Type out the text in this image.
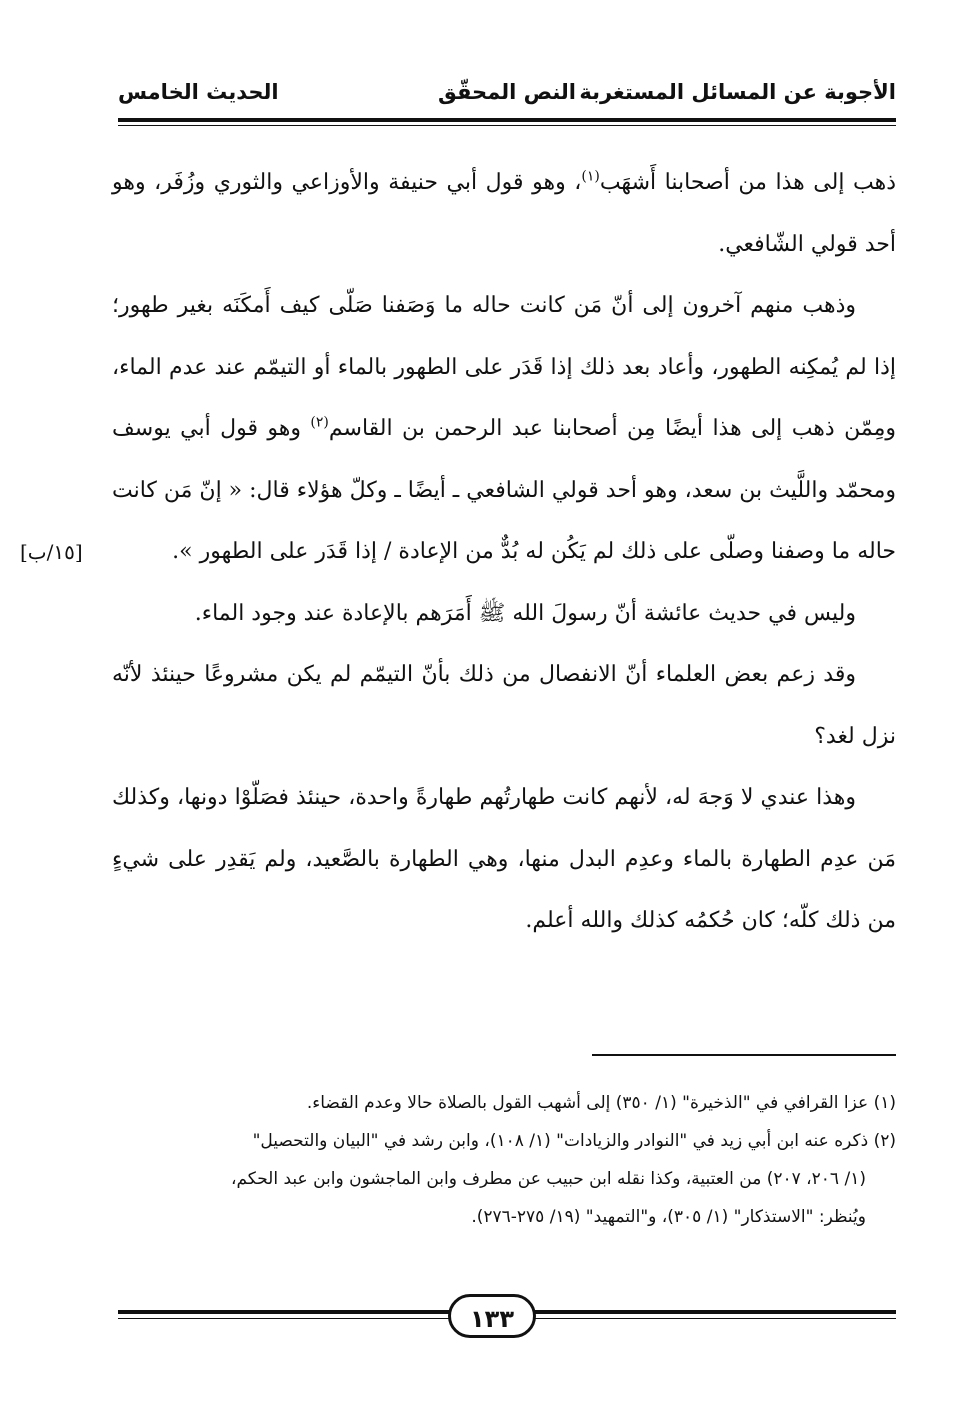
الأجوبة عن المسائل المستغربة
النص المحقّق
الحديث الخامس

ذهب إلى هذا من أصحابنا أَشهَب$^{(١)}$، وهو قول أبي حنيفة والأوزاعي والثوري وزُفَر، وهو أحد قولي الشّافعي.

وذهب منهم آخرون إلى أنّ مَن كانت حاله ما وَصَفنا صَلّى كيف أَمكَنَه بغير طهور؛ إذا لم يُمكِنه الطهور، وأعاد بعد ذلك إذا قَدَر على الطهور بالماء أو التيمّم عند عدم الماء، ومِمّن ذهب إلى هذا أيضًا مِن أصحابنا عبد الرحمن بن القاسم$^{(٢)}$ وهو قول أبي يوسف ومحمّد واللَّيث بن سعد، وهو أحد قولي الشافعي ـ أيضًا ـ وكلّ هؤلاء قال: « إنّ مَن كانت حاله ما وصفنا وصلّى على ذلك لم يَكُن له بُدٌّ من الإعادة / إذا قَدَر على الطهور ».

وليس في حديث عائشة أنّ رسولَ الله ﷺ أَمَرَهم بالإعادة عند وجود الماء.

وقد زعم بعض العلماء أنّ الانفصال من ذلك بأنّ التيمّم لم يكن مشروعًا حينئذ لأنّه نزل لغد؟

وهذا عندي لا وَجهَ له، لأنهم كانت طهارتُهم طهارةً واحدة، حينئذ فصَلّوْا دونها، وكذلك مَن عدِم الطهارة بالماء وعدِم البدل منها، وهي الطهارة بالصَّعيد، ولم يَقدِر على شيءٍ من ذلك كلّه؛ كان حُكمُه كذلك والله أعلم.

[١٥/ب]

(١) عزا القرافي في "الذخيرة" (١/ ٣٥٠) إلى أشهب القول بالصلاة حالا وعدم القضاء.

(٢) ذكره عنه ابن أبي زيد في "النوادر والزيادات" (١/ ١٠٨)، وابن رشد في "البيان والتحصيل"

(١/ ٢٠٦، ٢٠٧) من العتبية، وكذا نقله ابن حبيب عن مطرف وابن الماجشون وابن عبد الحكم،

ويُنظر: "الاستذكار" (١/ ٣٠٥)، و"التمهيد" (١٩/ ٢٧٥-٢٧٦).

١٣٣
